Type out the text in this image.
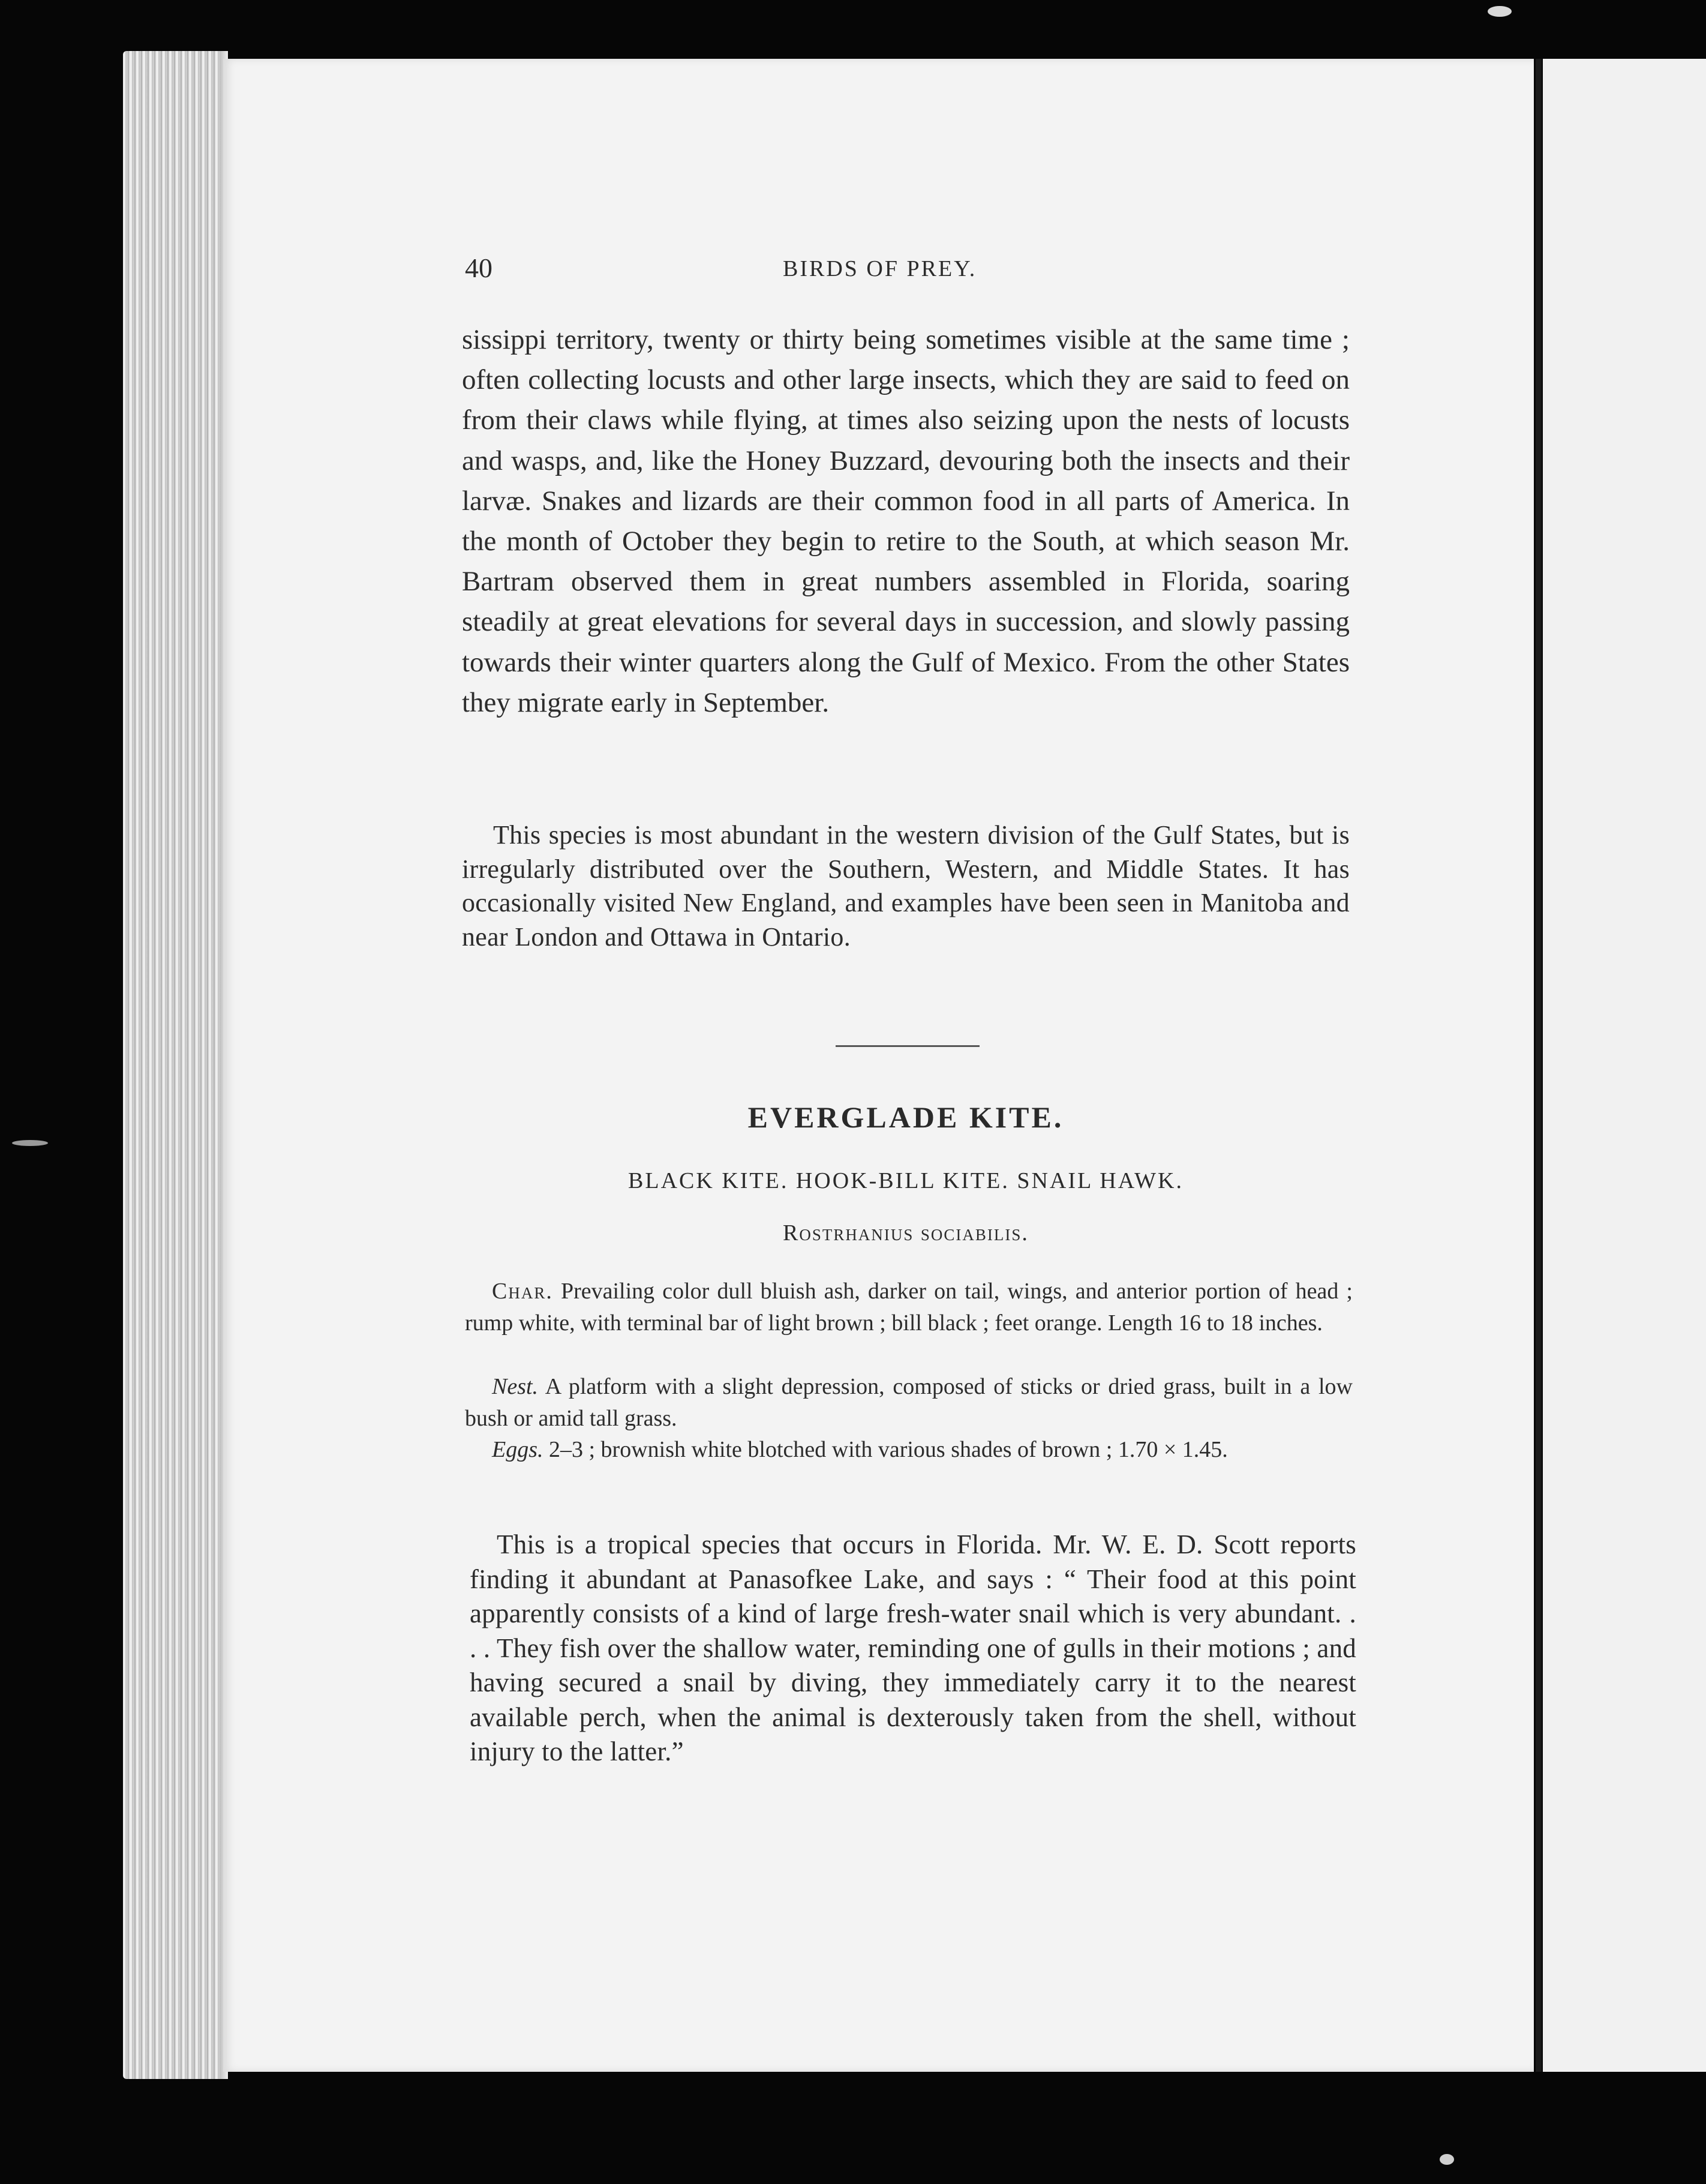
40	BIRDS OF PREY.

sissippi territory, twenty or thirty being sometimes visible at the same time ; often collecting locusts and other large insects, which they are said to feed on from their claws while flying, at times also seizing upon the nests of locusts and wasps, and, like the Honey Buzzard, devouring both the insects and their larvæ. Snakes and lizards are their common food in all parts of America. In the month of October they begin to retire to the South, at which season Mr. Bartram observed them in great numbers assembled in Florida, soaring steadily at great elevations for several days in succession, and slowly passing towards their winter quarters along the Gulf of Mexico. From the other States they migrate early in September.

This species is most abundant in the western division of the Gulf States, but is irregularly distributed over the Southern, Western, and Middle States. It has occasionally visited New England, and examples have been seen in Manitoba and near London and Ottawa in Ontario.

EVERGLADE KITE.

BLACK KITE. HOOK-BILL KITE. SNAIL HAWK.

Rostrhanius sociabilis.

Char. Prevailing color dull bluish ash, darker on tail, wings, and anterior portion of head ; rump white, with terminal bar of light brown ; bill black ; feet orange. Length 16 to 18 inches.

Nest. A platform with a slight depression, composed of sticks or dried grass, built in a low bush or amid tall grass.

Eggs. 2–3 ; brownish white blotched with various shades of brown ; 1.70 × 1.45.

This is a tropical species that occurs in Florida. Mr. W. E. D. Scott reports finding it abundant at Panasofkee Lake, and says : “ Their food at this point apparently consists of a kind of large fresh-water snail which is very abundant. . . . They fish over the shallow water, reminding one of gulls in their motions ; and having secured a snail by diving, they immediately carry it to the nearest available perch, when the animal is dexterously taken from the shell, without injury to the latter.”
